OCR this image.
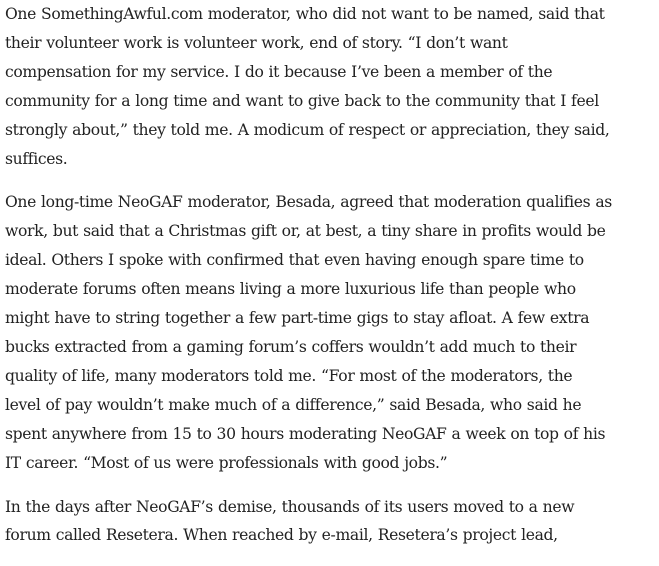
One SomethingAwful.com moderator, who did not want to be named, said that

their volunteer work is volunteer work, end of story. “I don’t want

compensation for my service. I do it because I’ve been a member of the

community for a long time and want to give back to the community that I feel

strongly about,” they told me. A modicum of respect or appreciation, they said,

suffices.

One long-time NeoGAF moderator, Besada, agreed that moderation qualifies as

work, but said that a Christmas gift or, at best, a tiny share in profits would be

ideal. Others I spoke with confirmed that even having enough spare time to

moderate forums often means living a more luxurious life than people who

might have to string together a few part-time gigs to stay afloat. A few extra

bucks extracted from a gaming forum’s coffers wouldn’t add much to their

quality of life, many moderators told me. “For most of the moderators, the

level of pay wouldn’t make much of a difference,” said Besada, who said he

spent anywhere from 15 to 30 hours moderating NeoGAF a week on top of his

IT career. “Most of us were professionals with good jobs.”

In the days after NeoGAF’s demise, thousands of its users moved to a new

forum called Resetera. When reached by e-mail, Resetera’s project lead,
